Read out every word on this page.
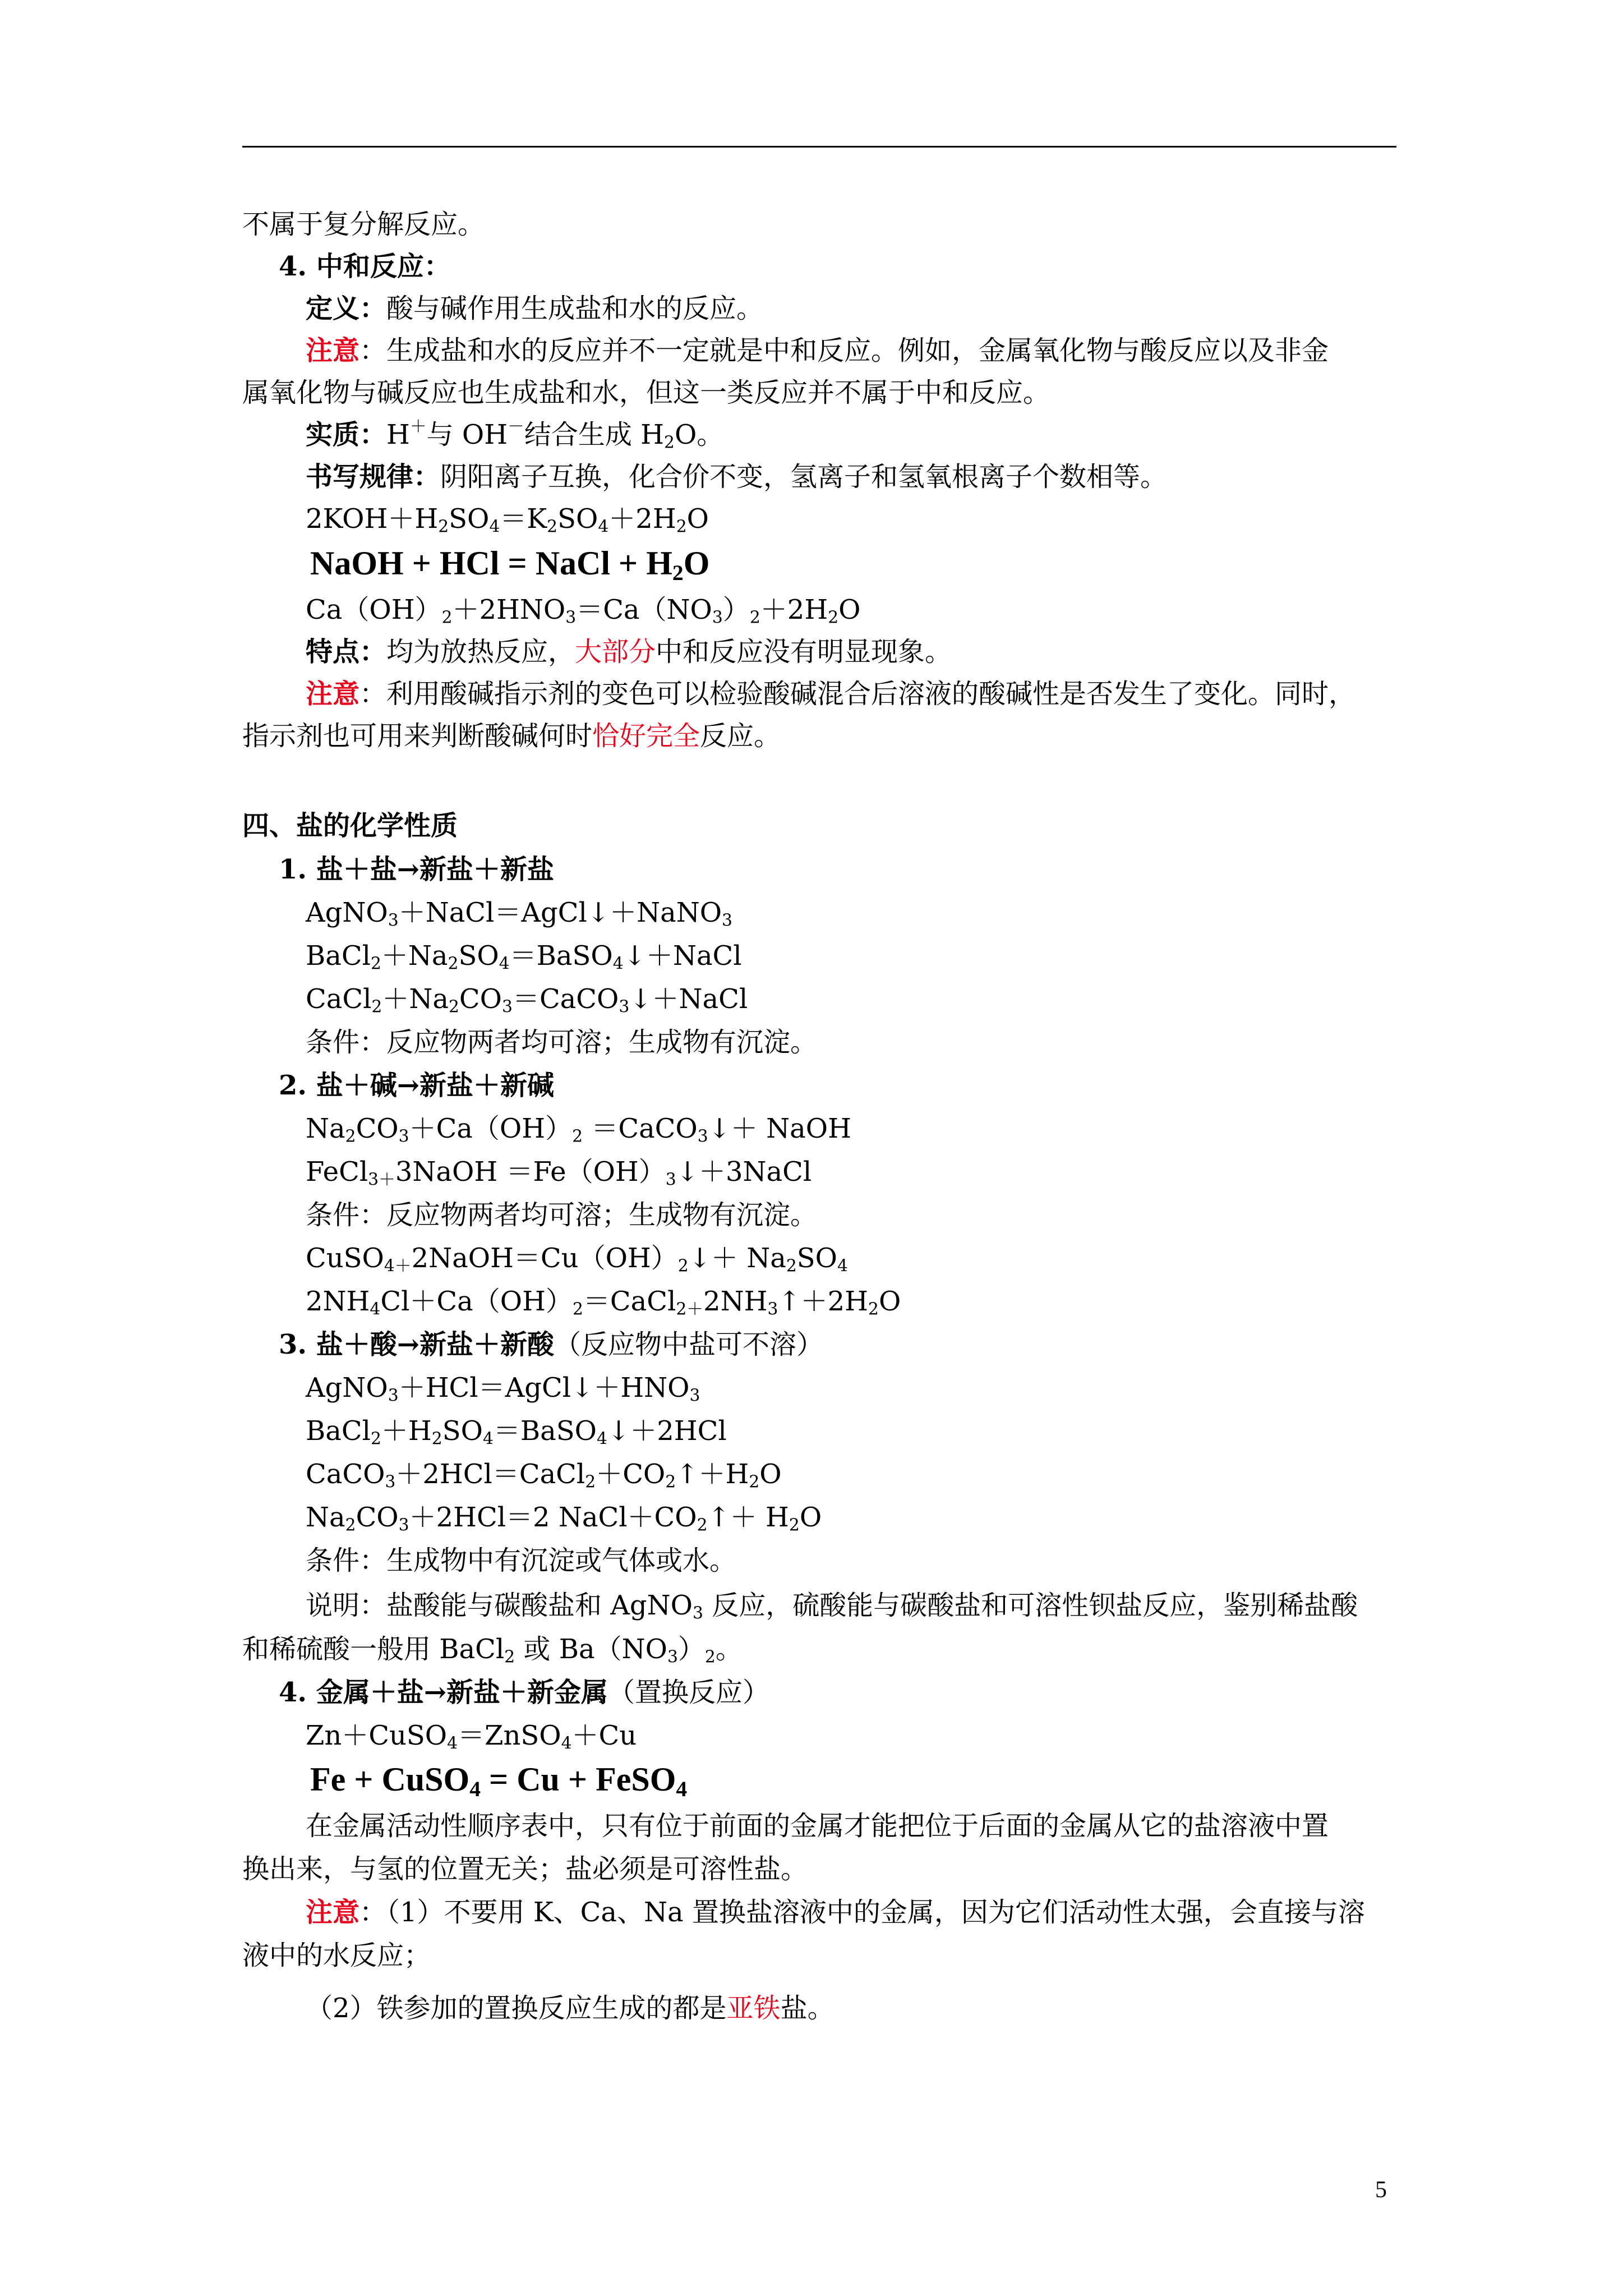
不属于复分解反应。
4. 中和反应：
定义：酸与碱作用生成盐和水的反应。
注意：生成盐和水的反应并不一定就是中和反应。例如，金属氧化物与酸反应以及非金
属氧化物与碱反应也生成盐和水，但这一类反应并不属于中和反应。
实质：H＋与 OH－结合生成 $H_2O$。
书写规律：阴阳离子互换，化合价不变，氢离子和氢氧根离子个数相等。
$2KOH+H_2SO_4=K_2SO_4+2H_2O$
NaOH + HCl = NaCl + $H_2O$
$Ca(OH)_2+2HNO_3=Ca(NO_3)_2+2H_2O$
特点：均为放热反应，大部分中和反应没有明显现象。
注意：利用酸碱指示剂的变色可以检验酸碱混合后溶液的酸碱性是否发生了变化。同时，
指示剂也可用来判断酸碱何时恰好完全反应。
四、盐的化学性质
1. 盐＋盐→新盐＋新盐
AgNO$_3$＋NaCl＝AgCl↓＋NaNO$_3$
$BaCl_2+Na_2SO_4=BaSO_4↓+NaCl$
$CaCl_2+Na_2CO_3=CaCO_3↓+NaCl$
条件：反应物两者均可溶；生成物有沉淀。
2. 盐＋碱→新盐＋新碱
$Na_2CO_3+Ca(OH)_2$ ＝CaCO$_3$↓＋ NaOH
FeCl$_{3+}$3NaOH $=Fe(OH)_3↓+3NaCl$
条件：反应物两者均可溶；生成物有沉淀。
$CuSO_{4+}2NaOH=Cu(OH)_2↓+ Na_2SO_4$
$2NH_4Cl+Ca(OH)_2=CaCl_{2+}2NH_3↑+2H_2O$
3. 盐＋酸→新盐＋新酸（反应物中盐可不溶）
$AgNO_3+HCl=AgCl↓+HNO_3$
$BaCl_2+H_2SO_4=BaSO_4↓+2HCl$
$CaCO_3+2HCl=CaCl_2+CO_2↑+H_2O$
$Na_2CO_3+2HCl=2$ $NaCl+CO_2↑+ H_2O$
条件：生成物中有沉淀或气体或水。
说明：盐酸能与碳酸盐和 AgNO$_3$ 反应，硫酸能与碳酸盐和可溶性钡盐反应，鉴别稀盐酸
和稀硫酸一般用 BaCl$_2$ 或 $Ba(NO_3)_2$。
4. 金属＋盐→新盐＋新金属（置换反应）
Zn＋CuSO$_4$＝ZnSO$_4$＋Cu
Fe + CuSO$_4$ = Cu + FeSO$_4$
在金属活动性顺序表中，只有位于前面的金属才能把位于后面的金属从它的盐溶液中置
换出来，与氢的位置无关；盐必须是可溶性盐。
注意：（1）不要用 K、Ca、Na 置换盐溶液中的金属，因为它们活动性太强，会直接与溶
液中的水反应；
（2）铁参加的置换反应生成的都是亚铁盐。
5
